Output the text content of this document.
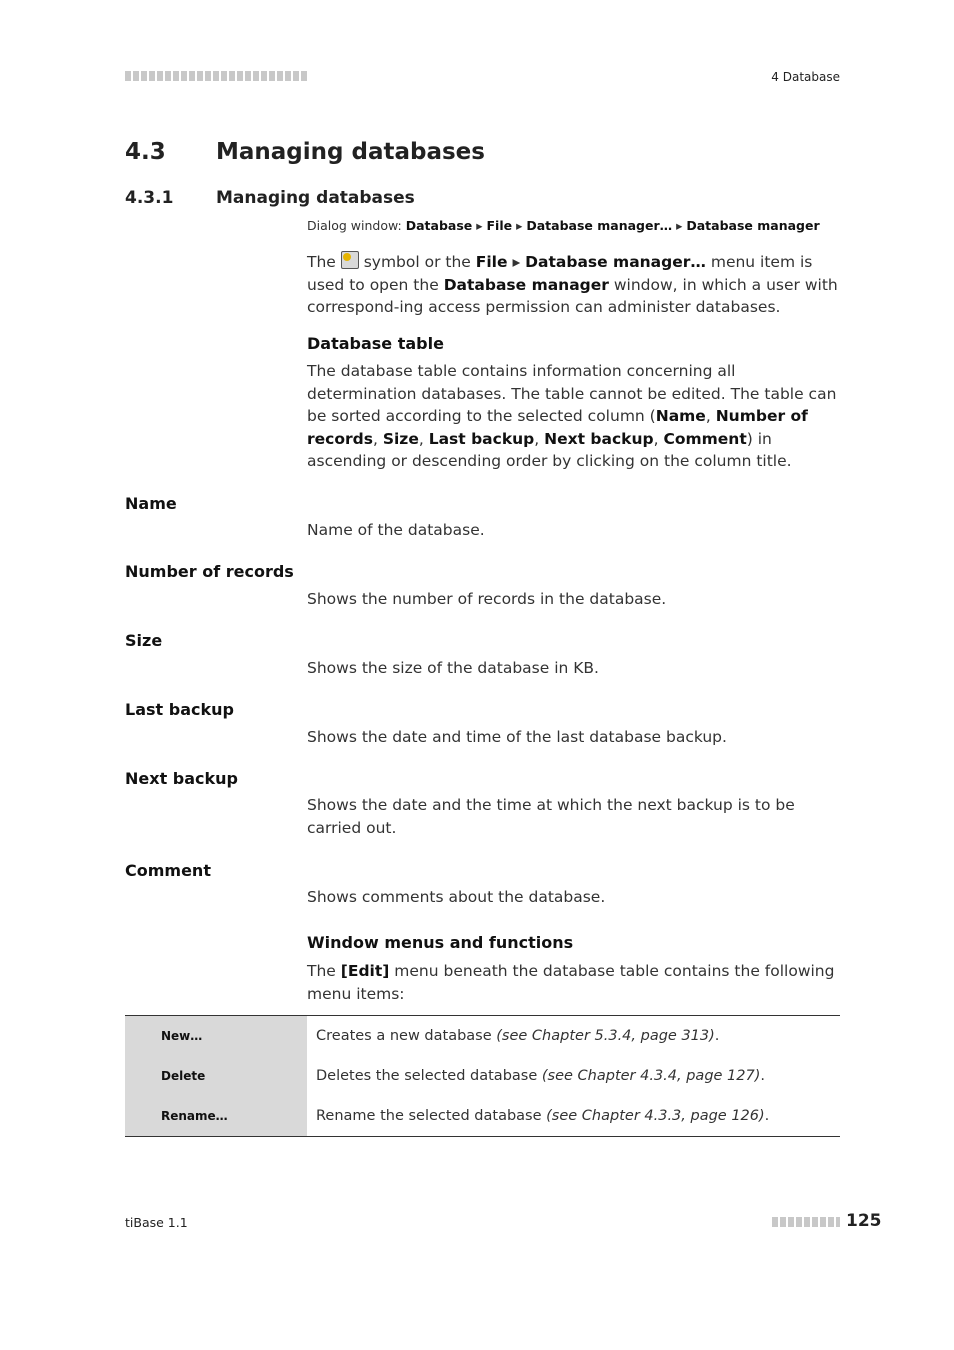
4 Database
4.3 Managing databases
4.3.1	Managing databases
Dialog window: Database ▸ File ▸ Database manager… ▸ Database manager
The symbol or the File ▸ Database manager… menu item is used to open the Database manager window, in which a user with correspond-ing access permission can administer databases.
Database table
The database table contains information concerning all determination databases. The table cannot be edited. The table can be sorted according to the selected column (Name, Number of records, Size, Last backup, Next backup, Comment) in ascending or descending order by clicking on the column title.
Name
Name of the database.
Number of records
Shows the number of records in the database.
Size
Shows the size of the database in KB.
Last backup
Shows the date and time of the last database backup.
Next backup
Shows the date and the time at which the next backup is to be carried out.
Comment
Shows comments about the database.
Window menus and functions
The [Edit] menu beneath the database table contains the following menu items:
New…	Creates a new database (see Chapter 5.3.4, page 313).
Delete	Deletes the selected database (see Chapter 4.3.4, page 127).
Rename…	Rename the selected database (see Chapter 4.3.3, page 126).
tiBase 1.1	125
